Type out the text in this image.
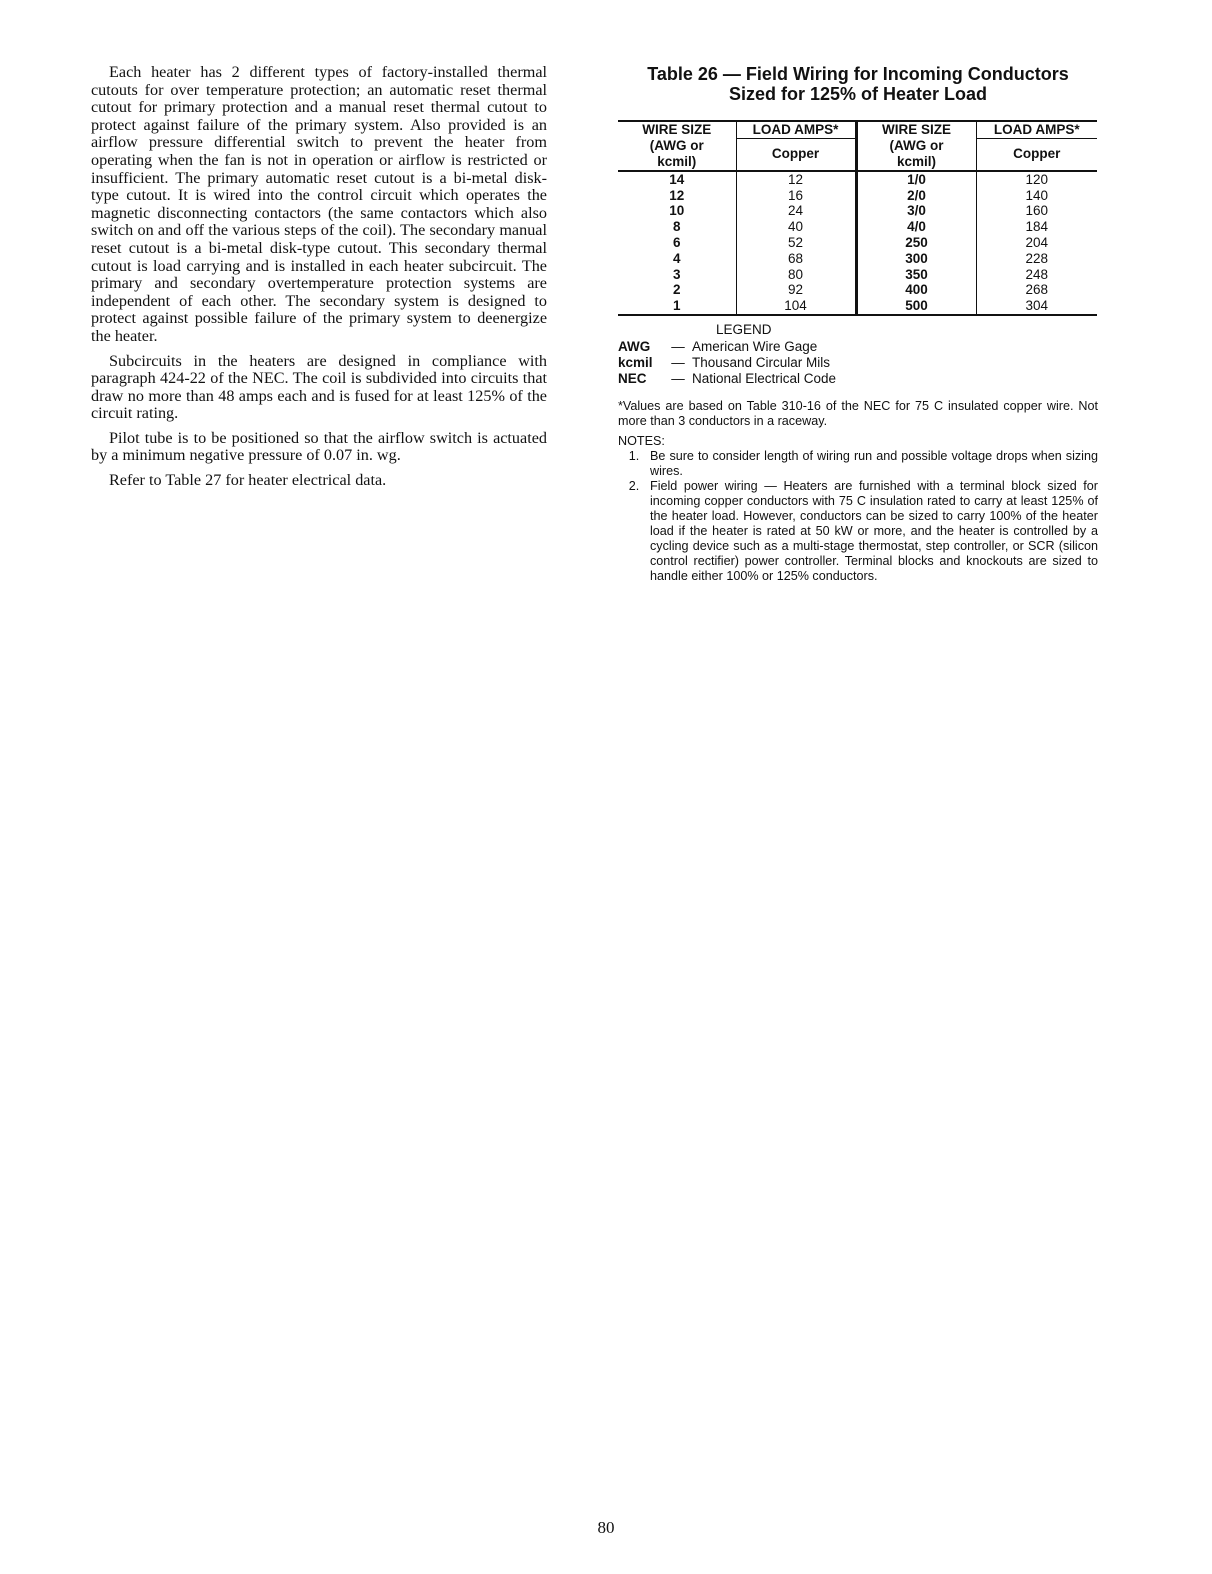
Each heater has 2 different types of factory-installed thermal cutouts for over temperature protection; an automatic reset thermal cutout for primary protection and a manual reset thermal cutout to protect against failure of the primary system. Also provided is an airflow pressure differential switch to prevent the heater from operating when the fan is not in operation or airflow is restricted or insufficient. The primary automatic reset cutout is a bi-metal disk-type cutout. It is wired into the control circuit which operates the magnetic disconnecting contactors (the same contactors which also switch on and off the various steps of the coil). The secondary manual reset cutout is a bi-metal disk-type cutout. This secondary thermal cutout is load carrying and is installed in each heater subcircuit. The primary and secondary overtemperature protection systems are independent of each other. The secondary system is designed to protect against possible failure of the primary system to deenergize the heater.

Subcircuits in the heaters are designed in compliance with paragraph 424-22 of the NEC. The coil is subdivided into circuits that draw no more than 48 amps each and is fused for at least 125% of the circuit rating.

Pilot tube is to be positioned so that the airflow switch is actuated by a minimum negative pressure of 0.07 in. wg.

Refer to Table 27 for heater electrical data.

Table 26 — Field Wiring for Incoming Conductors
Sized for 125% of Heater Load
WIRE SIZE	LOAD AMPS*	WIRE SIZE	LOAD AMPS*
(AWG or	Copper	(AWG or	Copper
kcmil)		kcmil)	
14	12	1/0	120
12	16	2/0	140
10	24	3/0	160
8	40	4/0	184
6	52	250	204
4	68	300	228
3	80	350	248
2	92	400	268
1	104	500	304
LEGEND
AWG	— American Wire Gage
kcmil	— Thousand Circular Mils
NEC	— National Electrical Code
*Values are based on Table 310-16 of the NEC for 75 C insulated copper wire. Not more than 3 conductors in a raceway.
NOTES:
1. Be sure to consider length of wiring run and possible voltage drops when sizing wires.
2. Field power wiring — Heaters are furnished with a terminal block sized for incoming copper conductors with 75 C insulation rated to carry at least 125% of the heater load. However, conductors can be sized to carry 100% of the heater load if the heater is rated at 50 kW or more, and the heater is controlled by a cycling device such as a multi-stage thermostat, step controller, or SCR (silicon control rectifier) power controller. Terminal blocks and knockouts are sized to handle either 100% or 125% conductors.
80
